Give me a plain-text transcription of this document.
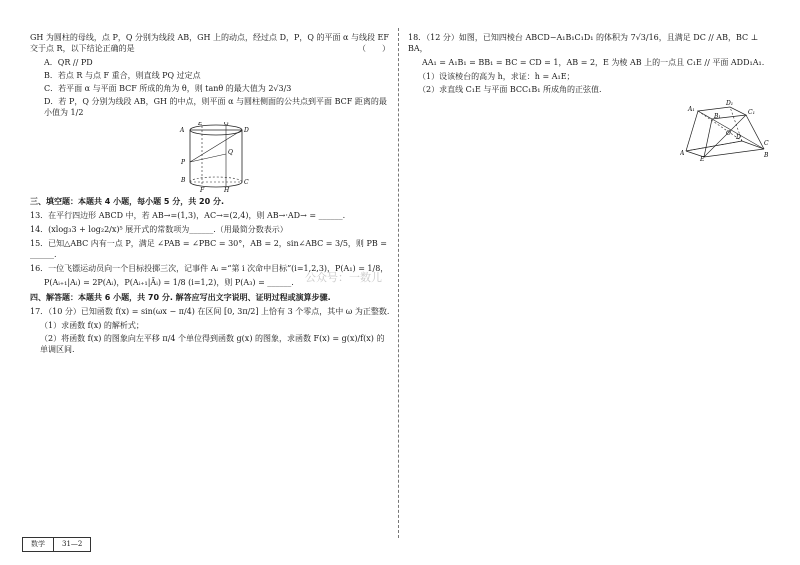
GH 为圆柱的母线，点 P，Q 分别为线段 AB，GH 上的动点，经过点 D，P，Q 的平面 α 与线段 EF 交于点 R，以下结论正确的是	（　　）

A．QR // PD
B．若点 R 与点 F 重合，则直线 PQ 过定点
C．若平面 α 与平面 BCF 所成的角为 θ，则 tanθ 的最大值为 2√3/3
D．若 P，Q 分别为线段 AB，GH 的中点，则平面 α 与圆柱侧面的公共点到平面 BCF 距离的最小值为 1/2
A
E	G
D
P
Q
B
F	H
C
三、填空题：本题共 4 小题，每小题 5 分，共 20 分.

13．在平行四边形 ABCD 中，若 AB→=(1,3)，AC→=(2,4)，则 AB→·AD→ = ______.

14．(xlog₃3 + log₂2/x)⁵ 展开式的常数项为______.（用最简分数表示）

15．已知△ABC 内有一点 P，满足 ∠PAB = ∠PBC = 30°，AB = 2，sin∠ABC = 3/5，则 PB = ______.

16．一位飞镖运动员向一个目标投掷三次，记事件 Aᵢ =“第 i 次命中目标”(i=1,2,3)，P(A₁) = 1/8，

P(Aᵢ₊₁|Aᵢ) = 2P(Aᵢ)，P(Aᵢ₊₁|Āᵢ) = 1/8 (i=1,2)，则 P(A₃) = ______.

四、解答题：本题共 6 小题，共 70 分. 解答应写出文字说明、证明过程或演算步骤.

17．（10 分）已知函数 f(x) = sin(ωx − π/4) 在区间 [0, 3π/2] 上恰有 3 个零点，其中 ω 为正整数.

（1）求函数 f(x) 的解析式；
（2）将函数 f(x) 的图象向左平移 π/4 个单位得到函数 g(x) 的图象，求函数 F(x) = g(x)/f(x) 的单调区间.

18．（12 分）如图，已知四棱台 ABCD−A₁B₁C₁D₁ 的体积为 7√3/16，且满足 DC // AB，BC ⊥ BA，

AA₁ = A₁B₁ = BB₁ = BC = CD = 1，AB = 2，E 为棱 AB 上的一点且 C₁E // 平面 ADD₁A₁.

（1）设该棱台的高为 h，求证：h = A₁E；
（2）求直线 C₁E 与平面 BCC₁B₁ 所成角的正弦值.
A
A₁
D₁
C₁
B₁
D
C
O
E
B
公众号：一数儿
数学	31—2
